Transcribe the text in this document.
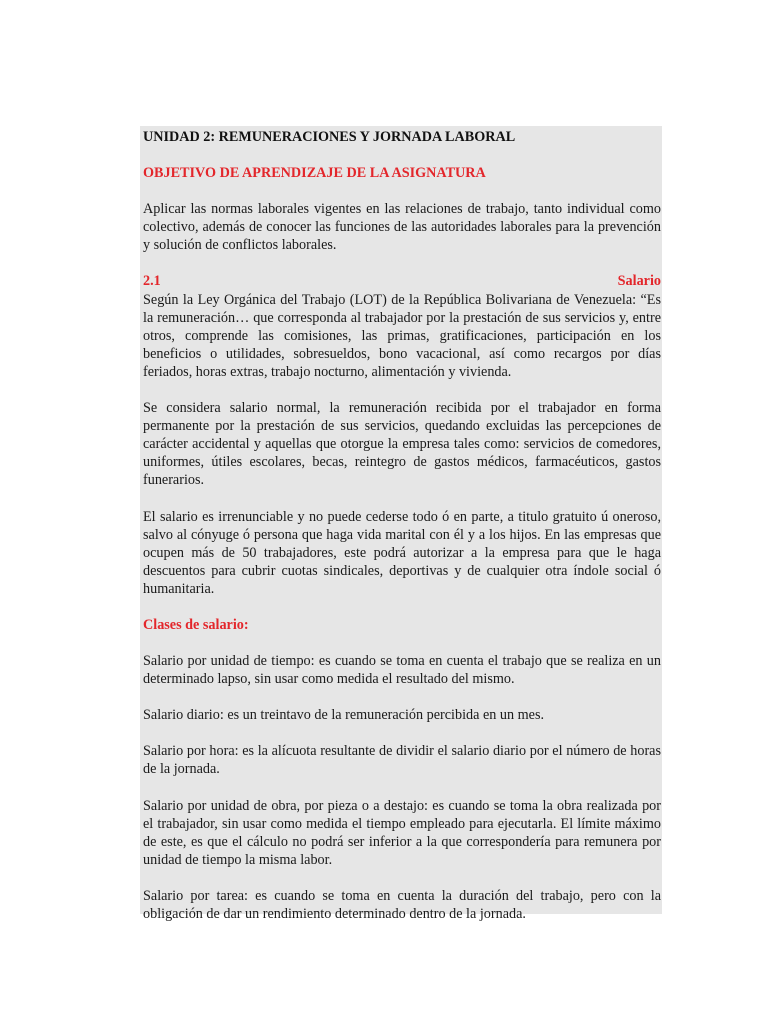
UNIDAD 2: REMUNERACIONES Y JORNADA LABORAL

OBJETIVO DE APRENDIZAJE DE LA ASIGNATURA

Aplicar las normas laborales vigentes en las relaciones de trabajo, tanto individual como colectivo, además de conocer las funciones de las autoridades laborales para la prevención y solución de conflictos laborales.

2.1	Salario

Según la Ley Orgánica del Trabajo (LOT) de la República Bolivariana de Venezuela: “Es la remuneración… que corresponda al trabajador por la prestación de sus servicios y, entre otros, comprende las comisiones, las primas, gratificaciones, participación en los beneficios o utilidades, sobresueldos, bono vacacional, así como recargos por días feriados, horas extras, trabajo nocturno, alimentación y vivienda.

Se considera salario normal, la remuneración recibida por el trabajador en forma permanente por la prestación de sus servicios, quedando excluidas las percepciones de carácter accidental y aquellas que otorgue la empresa tales como: servicios de comedores, uniformes, útiles escolares, becas, reintegro de gastos médicos, farmacéuticos, gastos funerarios.

El salario es irrenunciable y no puede cederse todo ó en parte, a titulo gratuito ú oneroso, salvo al cónyuge ó persona que haga vida marital con él y a los hijos. En las empresas que ocupen más de 50 trabajadores, este podrá autorizar a la empresa para que le haga descuentos para cubrir cuotas sindicales, deportivas y de cualquier otra índole social ó humanitaria.

Clases de salario:

Salario por unidad de tiempo: es cuando se toma en cuenta el trabajo que se realiza en un determinado lapso, sin usar como medida el resultado del mismo.

Salario diario: es un treintavo de la remuneración percibida en un mes.

Salario por hora: es la alícuota resultante de dividir el salario diario por el número de horas de la jornada.

Salario por unidad de obra, por pieza o a destajo: es cuando se toma la obra realizada por el trabajador, sin usar como medida el tiempo empleado para ejecutarla. El límite máximo de este, es que el cálculo no podrá ser inferior a la que correspondería para remunera por unidad de tiempo la misma labor.

Salario por tarea: es cuando se toma en cuenta la duración del trabajo, pero con la obligación de dar un rendimiento determinado dentro de la jornada.
